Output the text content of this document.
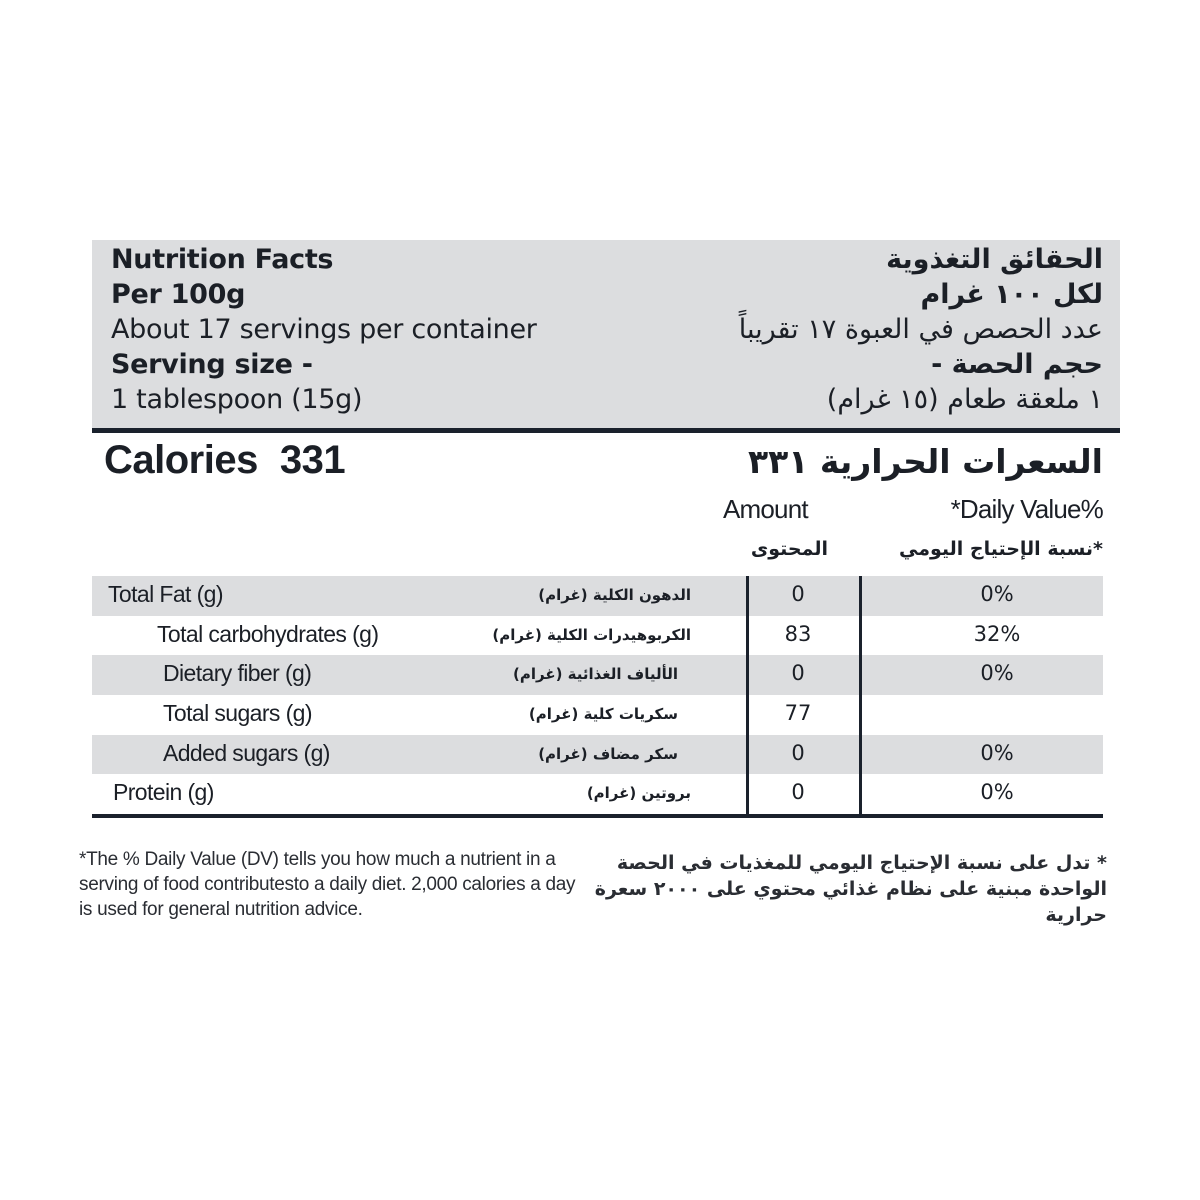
Nutrition Facts
Per 100g
About 17 servings per container
Serving size -
1 tablespoon (15g)
الحقائق التغذوية
لكل ١٠٠ غرام
عدد الحصص في العبوة ١٧ تقريباً
حجم الحصة -
١ ملعقة طعام (١٥ غرام)
Calories 331	السعرات الحرارية ٣٣١
Amount	*Daily Value%
المحتوى	*نسبة الإحتياج اليومي
Total Fat (g)	الدهون الكلية (غرام)	0	0%
Total carbohydrates (g)	الكربوهيدرات الكلية (غرام)	83	32%
Dietary fiber (g)	الألياف الغذائية (غرام)	0	0%
Total sugars (g)	سكريات كلية (غرام)	77
Added sugars (g)	سكر مضاف (غرام)	0	0%
Protein (g)	بروتين (غرام)	0	0%
*The % Daily Value (DV) tells you how much a nutrient in a serving of food contributesto a daily diet. 2,000 calories a day is used for general nutrition advice.
* تدل على نسبة الإحتياج اليومي للمغذيات في الحصة الواحدة مبنية على نظام غذائي محتوي على ٢٠٠٠ سعرة حرارية
